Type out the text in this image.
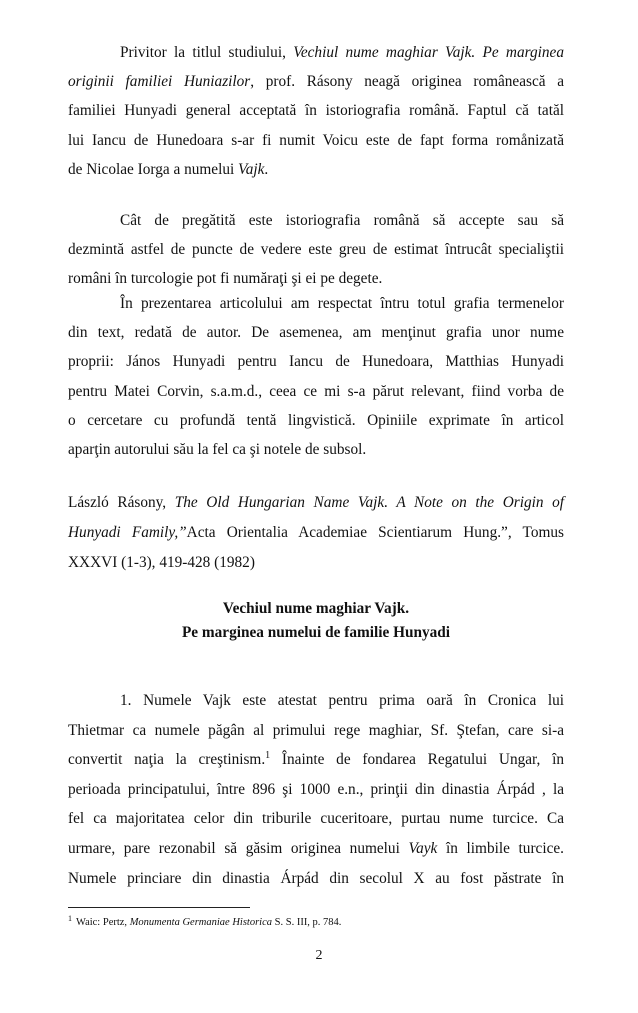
Privitor la titlul studiului, Vechiul nume maghiar Vajk. Pe marginea
originii familiei Huniazilor, prof. Rásony neagă originea românească a
familiei Hunyadi general acceptată în istoriografia română. Faptul că tatăl
lui Iancu de Hunedoara s-ar fi numit Voicu este de fapt forma romånizată
de Nicolae Iorga a numelui Vajk.
Cât de pregătită este istoriografia română să accepte sau să
dezmintă astfel de puncte de vedere este greu de estimat întrucât specialiştii
români în turcologie pot fi număraţi şi ei pe degete.
În prezentarea articolului am respectat întru totul grafia termenelor
din text, redată de autor. De asemenea, am menţinut grafia unor nume
proprii: János Hunyadi pentru Iancu de Hunedoara, Matthias Hunyadi
pentru Matei Corvin, s.a.m.d., ceea ce mi s-a părut relevant, fiind vorba de
o cercetare cu profundă tentă lingvistică. Opiniile exprimate în articol
aparţin autorului său la fel ca şi notele de subsol.
László Rásony, The Old Hungarian Name Vajk. A Note on the Origin of
Hunyadi Family,”Acta Orientalia Academiae Scientiarum Hung.”, Tomus
XXXVI (1-3), 419-428 (1982)
Vechiul nume maghiar Vajk.
Pe marginea numelui de familie Hunyadi
1. Numele Vajk este atestat pentru prima oară în Cronica lui
Thietmar ca numele păgân al primului rege maghiar, Sf. Ştefan, care si-a
convertit naţia la creştinism.$^1$ Înainte de fondarea Regatului Ungar, în
perioada principatului, între 896 şi 1000 e.n., prinţii din dinastia Árpád , la
fel ca majoritatea celor din triburile cuceritoare, purtau nume turcice. Ca
urmare, pare rezonabil să găsim originea numelui Vayk în limbile turcice.
Numele princiare din dinastia Árpád din secolul X au fost păstrate în
$^1$ Waic: Pertz, Monumenta Germaniae Historica S. S. III, p. 784.
2
